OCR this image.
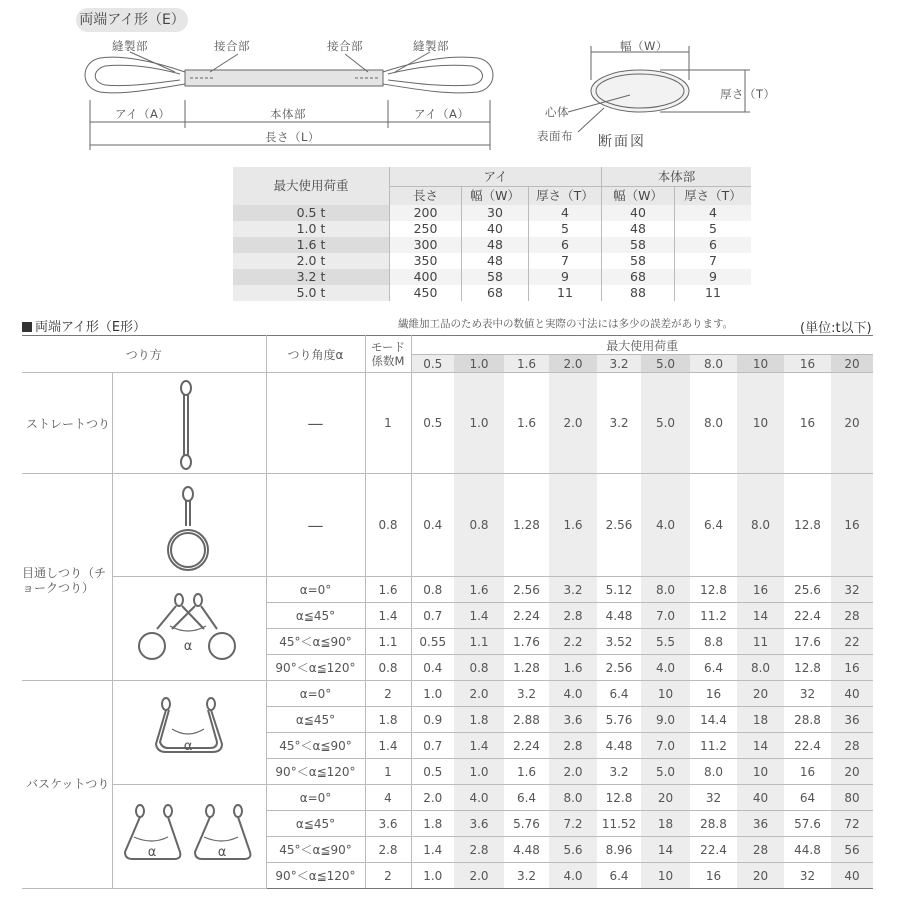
両端アイ形（E）
縫製部	接合部	接合部	縫製部
アイ（A）	本体部	アイ（A）
長さ（L）
幅（W）
厚さ（T）
心体
表面布 断面図
最大使用荷重	アイ			本体部	
	長さ	幅（W）	厚さ（T）	幅（W）	厚さ（T）
0.5 t	200	30	4	40	4
1.0 t	250	40	5	48	5
1.6 t	300	48	6	58	6
2.0 t	350	48	7	58	7
3.2 t	400	58	9	68	9
5.0 t	450	68	11	88	11
両端アイ形（E形）	繊維加工品のため表中の数値と実際の寸法には多少の誤差があります。	(単位:t以下)
つり方		つり角度α	モード係数M	最大使用荷重									
				0.5	1.0	1.6	2.0	3.2	5.0	8.0	10	16	20
		—	1	0.5	1.0	1.6	2.0	3.2	5.0	8.0	10	16	20
		—	0.8	0.4	0.8	1.28	1.6	2.56	4.0	6.4	8.0	12.8	16
		α=0°	1.6	0.8	1.6	2.56	3.2	5.12	8.0	12.8	16	25.6	32
		α≦45°	1.4	0.7	1.4	2.24	2.8	4.48	7.0	11.2	14	22.4	28
		45°＜α≦90°	1.1	0.55	1.1	1.76	2.2	3.52	5.5	8.8	11	17.6	22
		90°＜α≦120°	0.8	0.4	0.8	1.28	1.6	2.56	4.0	6.4	8.0	12.8	16
		α=0°	2	1.0	2.0	3.2	4.0	6.4	10	16	20	32	40
		α≦45°	1.8	0.9	1.8	2.88	3.6	5.76	9.0	14.4	18	28.8	36
		45°＜α≦90°	1.4	0.7	1.4	2.24	2.8	4.48	7.0	11.2	14	22.4	28
		90°＜α≦120°	1	0.5	1.0	1.6	2.0	3.2	5.0	8.0	10	16	20
		α=0°	4	2.0	4.0	6.4	8.0	12.8	20	32	40	64	80
		α≦45°	3.6	1.8	3.6	5.76	7.2	11.52	18	28.8	36	57.6	72
		45°＜α≦90°	2.8	1.4	2.8	4.48	5.6	8.96	14	22.4	28	44.8	56
		90°＜α≦120°	2	1.0	2.0	3.2	4.0	6.4	10	16	20	32	40
ストレートつり
目通しつり（チョークつり）
バスケットつり
α
α
α	α
